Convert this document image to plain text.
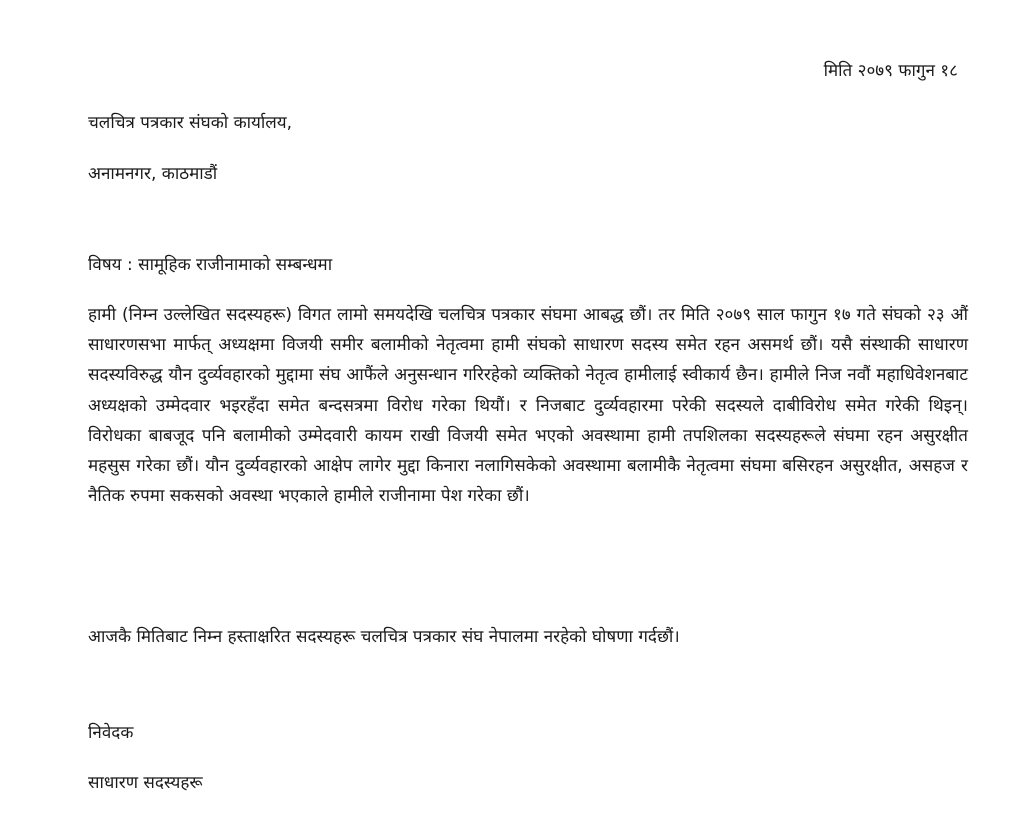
मिति २०७९ फागुन १८
चलचित्र पत्रकार संघको कार्यालय,
अनामनगर, काठमाडौं
विषय : सामूहिक राजीनामाको सम्बन्धमा

हामी (निम्न उल्लेखित सदस्यहरू) विगत लामो समयदेखि चलचित्र पत्रकार संघमा आबद्ध छौं। तर मिति २०७९ साल फागुन १७ गते संघको २३ औं साधारणसभा मार्फत् अध्यक्षमा विजयी समीर बलामीको नेतृत्वमा हामी संघको साधारण सदस्य समेत रहन असमर्थ छौं। यसै संस्थाकी साधारण सदस्यविरुद्ध यौन दुर्व्यवहारको मुद्दामा संघ आफैंले अनुसन्धान गरिरहेको व्यक्तिको नेतृत्व हामीलाई स्वीकार्य छैन। हामीले निज नवौं महाधिवेशनबाट अध्यक्षको उम्मेदवार भइरहँदा समेत बन्दसत्रमा विरोध गरेका थियौं। र निजबाट दुर्व्यवहारमा परेकी सदस्यले दाबीविरोध समेत गरेकी थिइन्। विरोधका बाबजूद पनि बलामीको उम्मेदवारी कायम राखी विजयी समेत भएको अवस्थामा हामी तपशिलका सदस्यहरूले संघमा रहन असुरक्षीत महसुस गरेका छौं। यौन दुर्व्यवहारको आक्षेप लागेर मुद्दा किनारा नलागिसकेको अवस्थामा बलामीकै नेतृत्वमा संघमा बसिरहन असुरक्षीत, असहज र नैतिक रुपमा सकसको अवस्था भएकाले हामीले राजीनामा पेश गरेका छौं।

आजकै मितिबाट निम्न हस्ताक्षरित सदस्यहरू चलचित्र पत्रकार संघ नेपालमा नरहेको घोषणा गर्दछौं।

निवेदक
साधारण सदस्यहरू
